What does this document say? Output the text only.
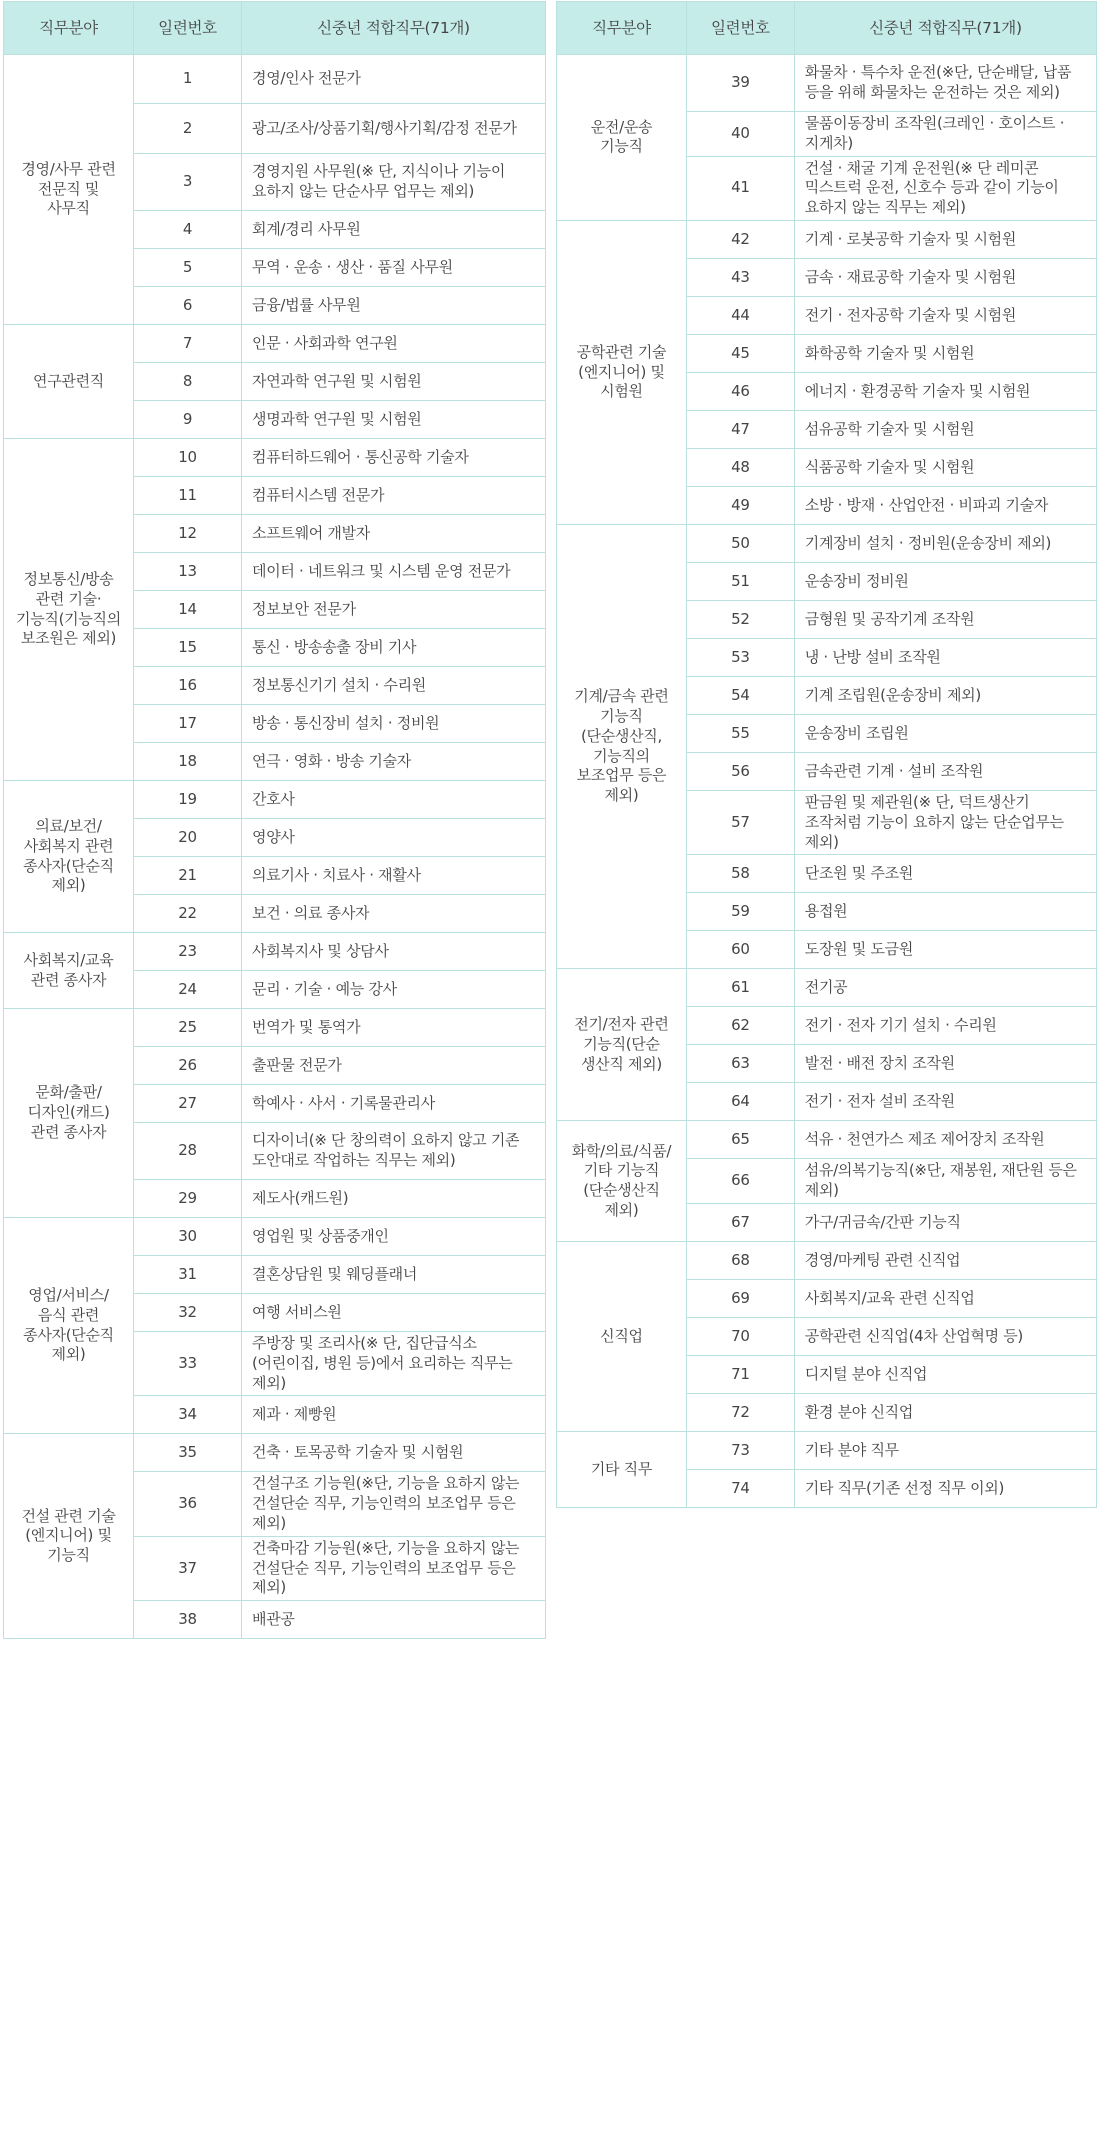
직무분야	일련번호	신중년 적합직무(71개)
경영/사무 관련 전문직 및 사무직	1	경영/인사 전문가
	2	광고/조사/상품기획/행사기획/감정 전문가
	3	경영지원 사무원(※ 단, 지식이나 기능이 요하지 않는 단순사무 업무는 제외)
	4	회계/경리 사무원
	5	무역 · 운송 · 생산 · 품질 사무원
	6	금융/법률 사무원
연구관련직	7	인문 · 사회과학 연구원
	8	자연과학 연구원 및 시험원
	9	생명과학 연구원 및 시험원
정보통신/방송 관련 기술·기능직(기능직의 보조원은 제외)	10	컴퓨터하드웨어 · 통신공학 기술자
	11	컴퓨터시스템 전문가
	12	소프트웨어 개발자
	13	데이터 · 네트워크 및 시스템 운영 전문가
	14	정보보안 전문가
	15	통신 · 방송송출 장비 기사
	16	정보통신기기 설치 · 수리원
	17	방송 · 통신장비 설치 · 정비원
	18	연극 · 영화 · 방송 기술자
의료/보건/사회복지 관련 종사자(단순직 제외)	19	간호사
	20	영양사
	21	의료기사 · 치료사 · 재활사
	22	보건 · 의료 종사자
사회복지/교육 관련 종사자	23	사회복지사 및 상담사
	24	문리 · 기술 · 예능 강사
문화/출판/디자인(캐드) 관련 종사자	25	번역가 및 통역가
	26	출판물 전문가
	27	학예사 · 사서 · 기록물관리사
	28	디자이너(※ 단 창의력이 요하지 않고 기존 도안대로 작업하는 직무는 제외)
	29	제도사(캐드원)
영업/서비스/음식 관련 종사자(단순직 제외)	30	영업원 및 상품중개인
	31	결혼상담원 및 웨딩플래너
	32	여행 서비스원
	33	주방장 및 조리사(※ 단, 집단급식소(어린이집, 병원 등)에서 요리하는 직무는 제외)
	34	제과 · 제빵원
건설 관련 기술(엔지니어) 및 기능직	35	건축 · 토목공학 기술자 및 시험원
	36	건설구조 기능원(※단, 기능을 요하지 않는 건설단순 직무, 기능인력의 보조업무 등은 제외)
	37	건축마감 기능원(※단, 기능을 요하지 않는 건설단순 직무, 기능인력의 보조업무 등은 제외)
	38	배관공
직무분야	일련번호	신중년 적합직무(71개)
운전/운송 기능직	39	화물차 · 특수차 운전(※단, 단순배달, 납품 등을 위해 화물차는 운전하는 것은 제외)
	40	물품이동장비 조작원(크레인 · 호이스트 · 지게차)
	41	건설 · 채굴 기계 운전원(※ 단 레미콘 믹스트럭 운전, 신호수 등과 같이 기능이 요하지 않는 직무는 제외)
공학관련 기술(엔지니어) 및 시험원	42	기계 · 로봇공학 기술자 및 시험원
	43	금속 · 재료공학 기술자 및 시험원
	44	전기 · 전자공학 기술자 및 시험원
	45	화학공학 기술자 및 시험원
	46	에너지 · 환경공학 기술자 및 시험원
	47	섬유공학 기술자 및 시험원
	48	식품공학 기술자 및 시험원
	49	소방 · 방재 · 산업안전 · 비파괴 기술자
기계/금속 관련 기능직 (단순생산직, 기능직의 보조업무 등은 제외)	50	기계장비 설치 · 정비원(운송장비 제외)
	51	운송장비 정비원
	52	금형원 및 공작기계 조작원
	53	냉 · 난방 설비 조작원
	54	기계 조립원(운송장비 제외)
	55	운송장비 조립원
	56	금속관련 기계 · 설비 조작원
	57	판금원 및 제관원(※ 단, 덕트생산기 조작처럼 기능이 요하지 않는 단순업무는 제외)
	58	단조원 및 주조원
	59	용접원
	60	도장원 및 도금원
전기/전자 관련 기능직(단순 생산직 제외)	61	전기공
	62	전기 · 전자 기기 설치 · 수리원
	63	발전 · 배전 장치 조작원
	64	전기 · 전자 설비 조작원
화학/의료/식품/기타 기능직(단순생산직 제외)	65	석유 · 천연가스 제조 제어장치 조작원
	66	섬유/의복기능직(※단, 재봉원, 재단원 등은 제외)
	67	가구/귀금속/간판 기능직
신직업	68	경영/마케팅 관련 신직업
	69	사회복지/교육 관련 신직업
	70	공학관련 신직업(4차 산업혁명 등)
	71	디지털 분야 신직업
	72	환경 분야 신직업
기타 직무	73	기타 분야 직무
	74	기타 직무(기존 선정 직무 이외)
